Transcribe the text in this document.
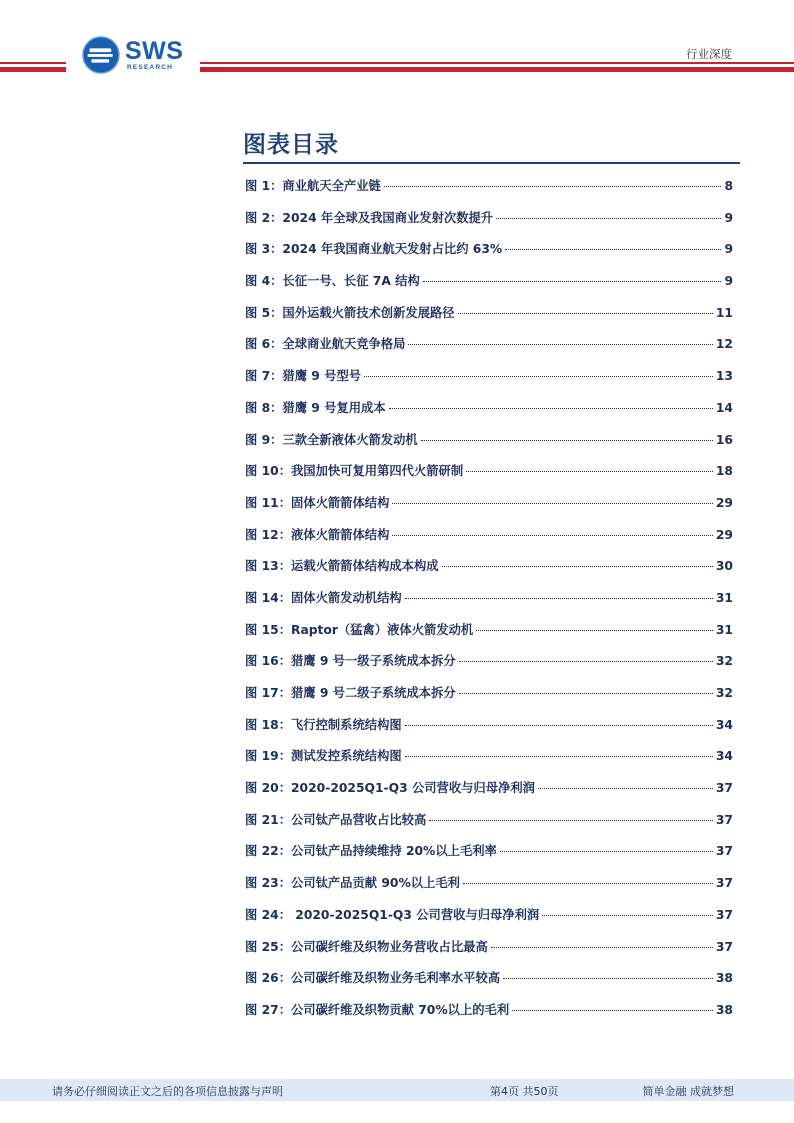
SWS
RESEARCH
行业深度
图表目录
图 1：商业航天全产业链	8
图 2：2024 年全球及我国商业发射次数提升	9
图 3：2024 年我国商业航天发射占比约 63%	9
图 4：长征一号、长征 7A 结构	9
图 5：国外运载火箭技术创新发展路径	11
图 6：全球商业航天竞争格局	12
图 7：猎鹰 9 号型号	13
图 8：猎鹰 9 号复用成本	14
图 9：三款全新液体火箭发动机	16
图 10：我国加快可复用第四代火箭研制	18
图 11：固体火箭箭体结构	29
图 12：液体火箭箭体结构	29
图 13：运载火箭箭体结构成本构成	30
图 14：固体火箭发动机结构	31
图 15：Raptor（猛禽）液体火箭发动机	31
图 16：猎鹰 9 号一级子系统成本拆分	32
图 17：猎鹰 9 号二级子系统成本拆分	32
图 18：飞行控制系统结构图	34
图 19：测试发控系统结构图	34
图 20：2020-2025Q1-Q3 公司营收与归母净利润	37
图 21：公司钛产品营收占比较高	37
图 22：公司钛产品持续维持 20%以上毛利率	37
图 23：公司钛产品贡献 90%以上毛利	37
图 24： 2020-2025Q1-Q3 公司营收与归母净利润	37
图 25：公司碳纤维及织物业务营收占比最高	37
图 26：公司碳纤维及织物业务毛利率水平较高	38
图 27：公司碳纤维及织物贡献 70%以上的毛利	38
请务必仔细阅读正文之后的各项信息披露与声明	第4页 共50页	简单金融 成就梦想
